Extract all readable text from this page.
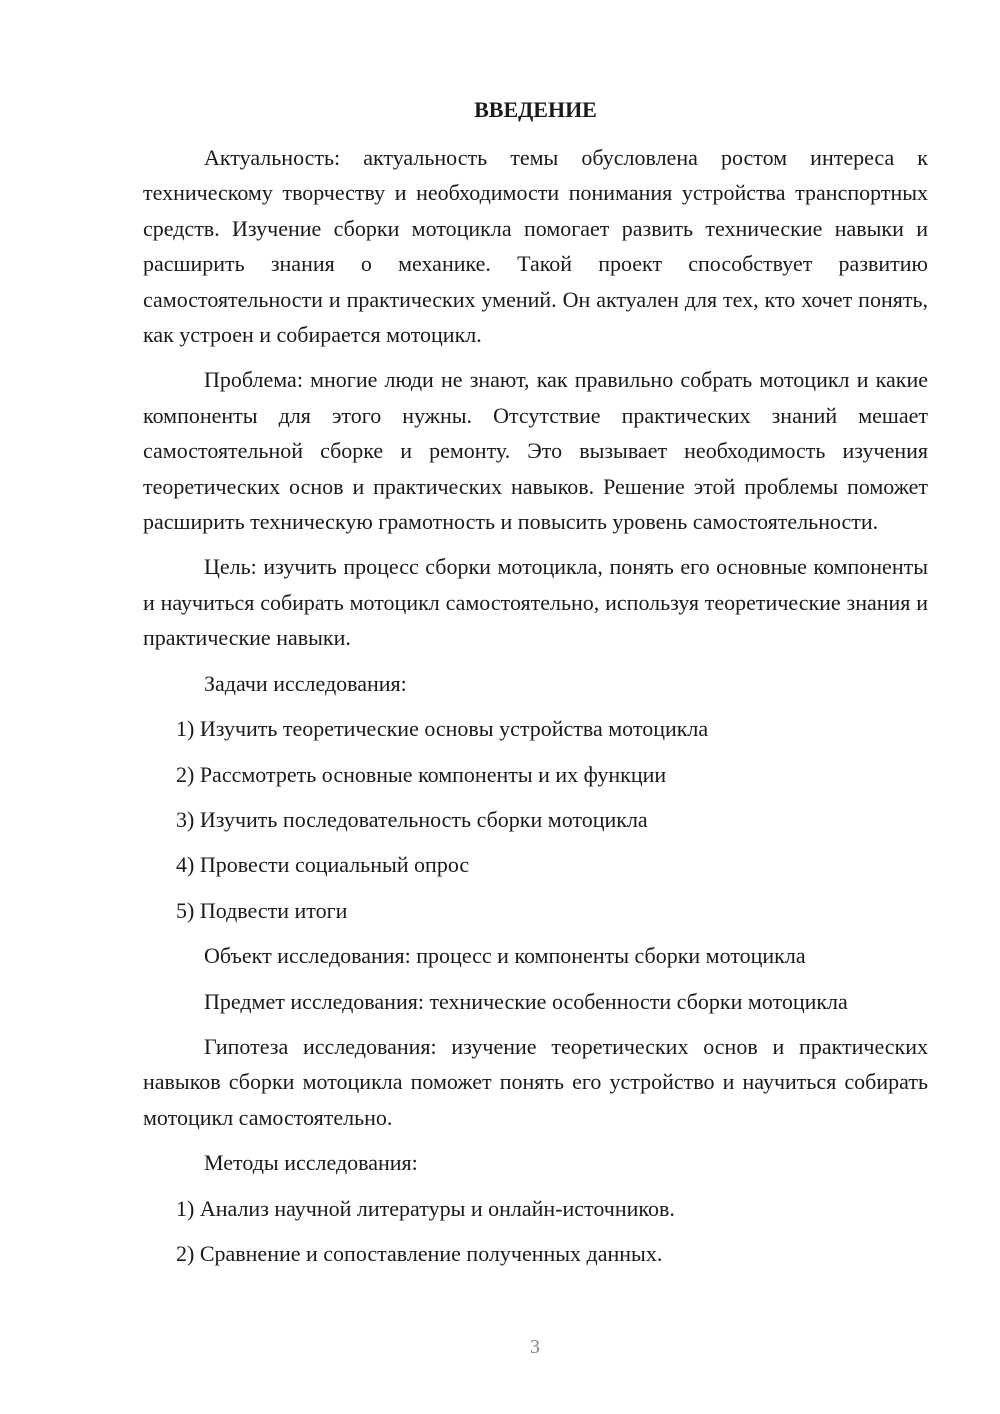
ВВЕДЕНИЕ

Актуальность: актуальность темы обусловлена ростом интереса к техническому творчеству и необходимости понимания устройства транспортных средств. Изучение сборки мотоцикла помогает развить технические навыки и расширить знания о механике. Такой проект способствует развитию самостоятельности и практических умений. Он актуален для тех, кто хочет понять, как устроен и собирается мотоцикл.

Проблема: многие люди не знают, как правильно собрать мотоцикл и какие компоненты для этого нужны. Отсутствие практических знаний мешает самостоятельной сборке и ремонту. Это вызывает необходимость изучения теоретических основ и практических навыков. Решение этой проблемы поможет расширить техническую грамотность и повысить уровень самостоятельности.

Цель: изучить процесс сборки мотоцикла, понять его основные компоненты и научиться собирать мотоцикл самостоятельно, используя теоретические знания и практические навыки.

Задачи исследования:
1) Изучить теоретические основы устройства мотоцикла
2) Рассмотреть основные компоненты и их функции
3) Изучить последовательность сборки мотоцикла
4) Провести социальный опрос
5) Подвести итоги
Объект исследования: процесс и компоненты сборки мотоцикла
Предмет исследования: технические особенности сборки мотоцикла

Гипотеза исследования: изучение теоретических основ и практических навыков сборки мотоцикла поможет понять его устройство и научиться собирать мотоцикл самостоятельно.

Методы исследования:
1) Анализ научной литературы и онлайн-источников.
2) Сравнение и сопоставление полученных данных.
3
